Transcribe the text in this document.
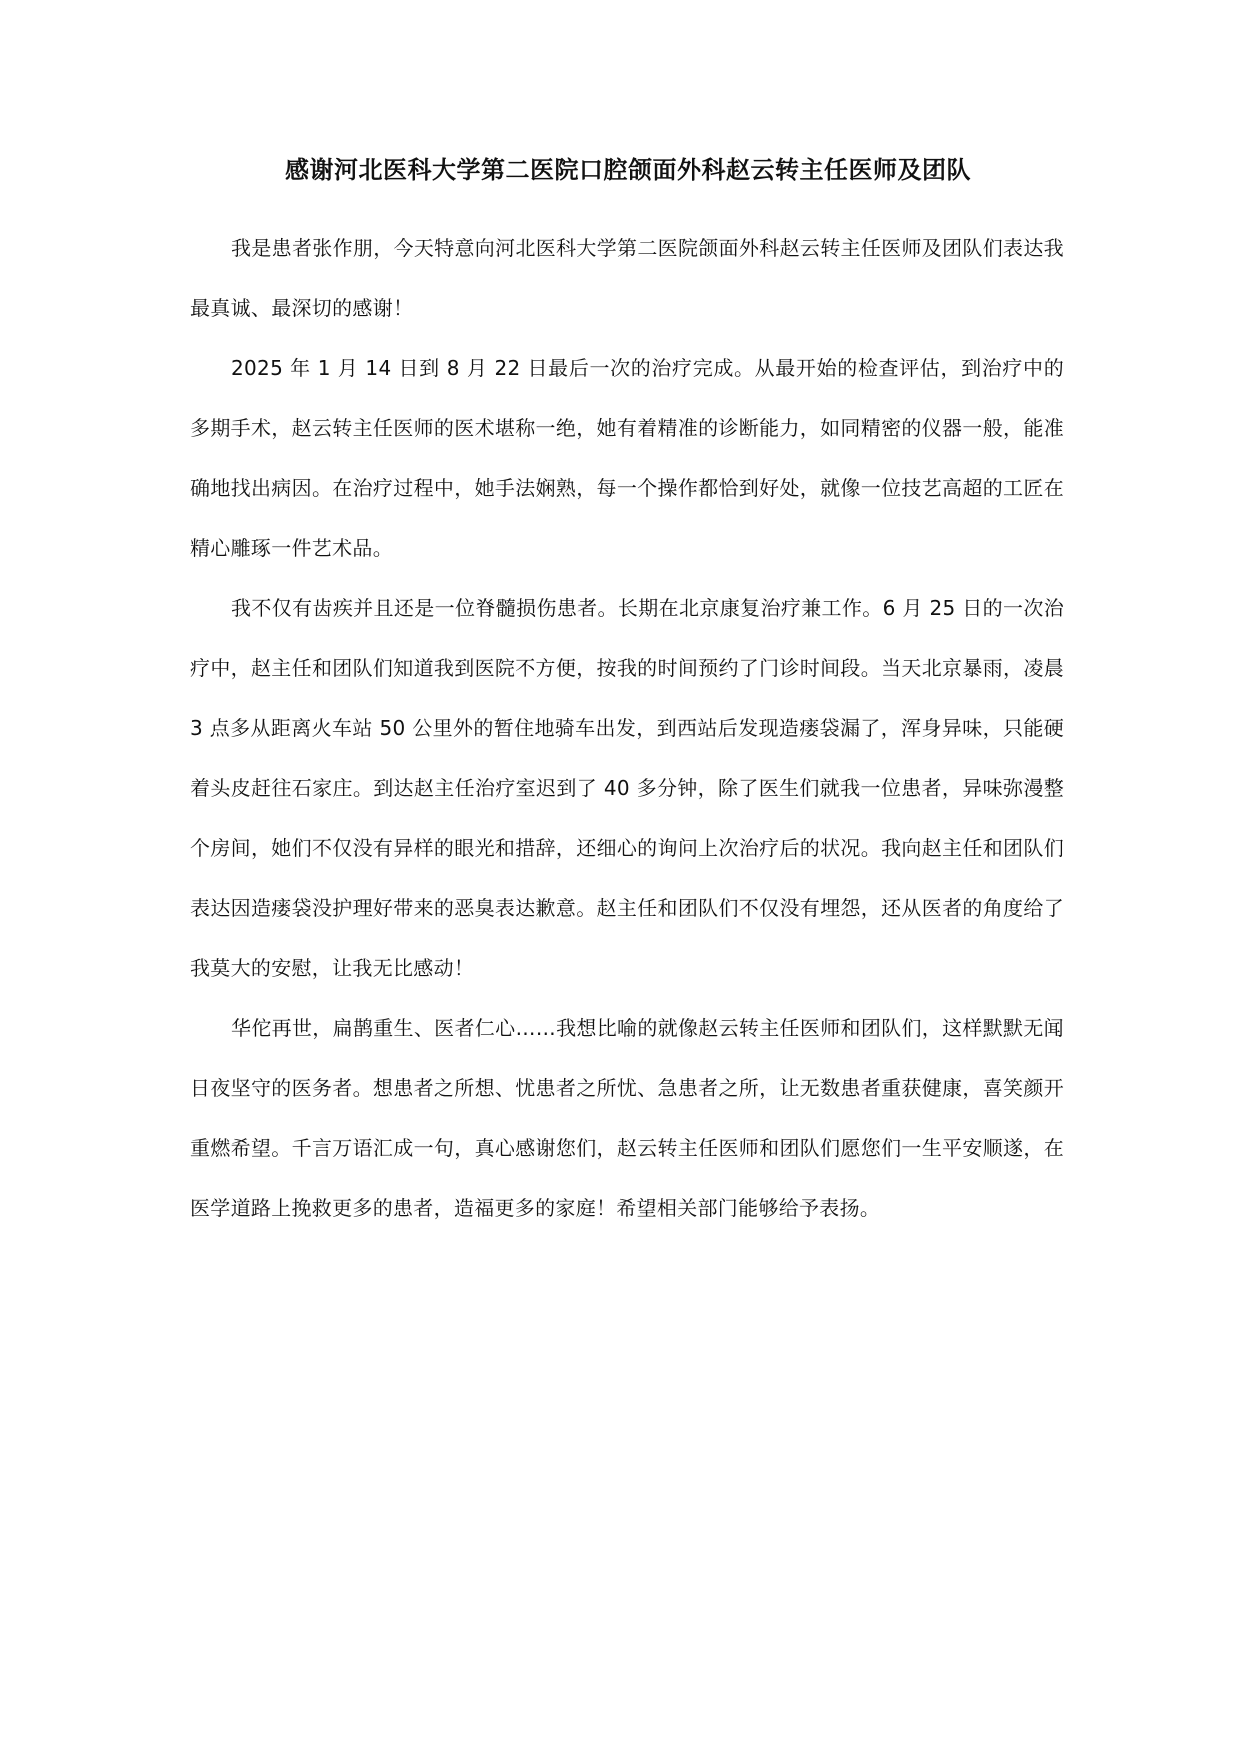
感谢河北医科大学第二医院口腔颌面外科赵云转主任医师及团队

我是患者张作朋，今天特意向河北医科大学第二医院颌面外科赵云转主任医师及团队们表达我最真诚、最深切的感谢！

2025 年 1 月 14 日到 8 月 22 日最后一次的治疗完成。从最开始的检查评估，到治疗中的多期手术，赵云转主任医师的医术堪称一绝，她有着精准的诊断能力，如同精密的仪器一般，能准确地找出病因。在治疗过程中，她手法娴熟，每一个操作都恰到好处，就像一位技艺高超的工匠在精心雕琢一件艺术品。

我不仅有齿疾并且还是一位脊髓损伤患者。长期在北京康复治疗兼工作。6 月 25 日的一次治疗中，赵主任和团队们知道我到医院不方便，按我的时间预约了门诊时间段。当天北京暴雨，凌晨 3 点多从距离火车站 50 公里外的暂住地骑车出发，到西站后发现造瘘袋漏了，浑身异味，只能硬着头皮赶往石家庄。到达赵主任治疗室迟到了 40 多分钟，除了医生们就我一位患者，异味弥漫整个房间，她们不仅没有异样的眼光和措辞，还细心的询问上次治疗后的状况。我向赵主任和团队们表达因造瘘袋没护理好带来的恶臭表达歉意。赵主任和团队们不仅没有埋怨，还从医者的角度给了我莫大的安慰，让我无比感动！

华佗再世，扁鹊重生、医者仁心……我想比喻的就像赵云转主任医师和团队们，这样默默无闻日夜坚守的医务者。想患者之所想、忧患者之所忧、急患者之所，让无数患者重获健康，喜笑颜开重燃希望。千言万语汇成一句，真心感谢您们，赵云转主任医师和团队们愿您们一生平安顺遂，在医学道路上挽救更多的患者，造福更多的家庭！希望相关部门能够给予表扬。
